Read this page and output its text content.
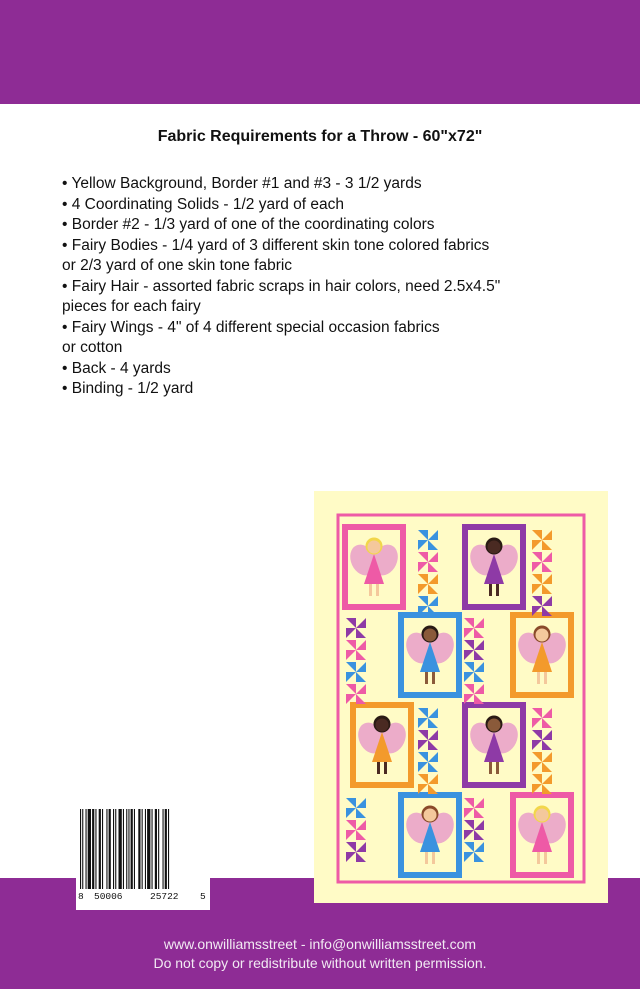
Fabric Requirements for a Throw - 60"x72"
• Yellow Background, Border #1 and #3 - 3 1/2 yards
• 4 Coordinating Solids - 1/2 yard of each
• Border #2 - 1/3 yard of one of the coordinating colors
• Fairy Bodies - 1/4 yard of 3 different skin tone colored fabrics
or 2/3 yard of one skin tone fabric
• Fairy Hair - assorted fabric scraps in hair colors, need 2.5x4.5"
pieces for each fairy
• Fairy Wings - 4" of 4 different special occasion fabrics
or cotton
• Back - 4 yards
• Binding - 1/2 yard
8 50006	25722 5
www.onwilliamsstreet - info@onwilliamsstreet.com
Do not copy or redistribute without written permission.
